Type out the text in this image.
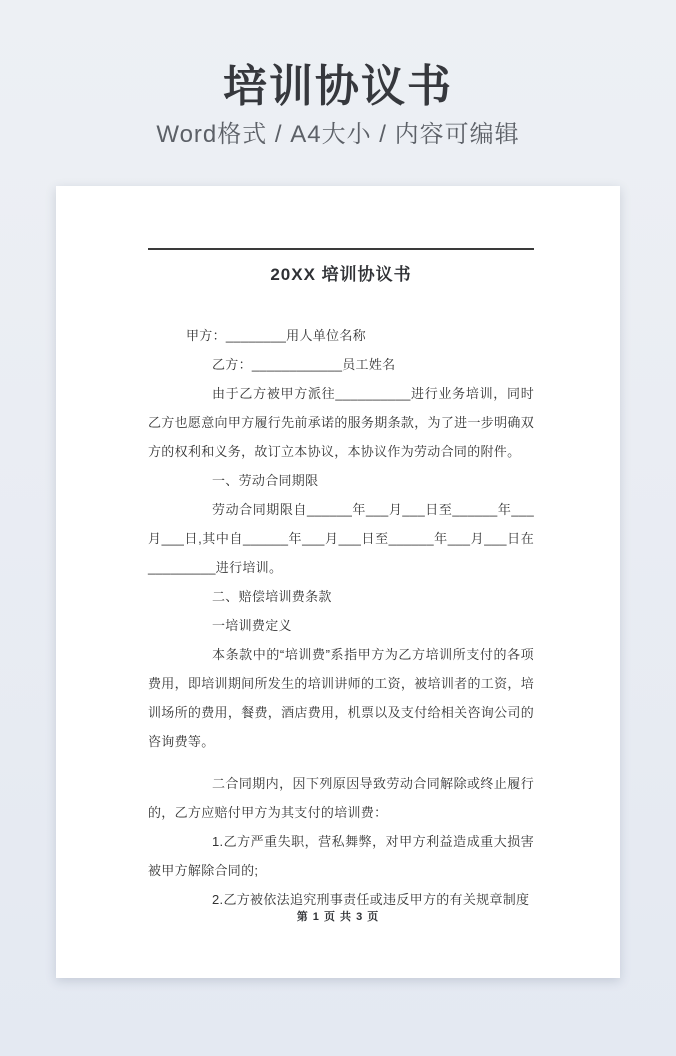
培训协议书
Word格式 / A4大小 / 内容可编辑
20XX 培训协议书

甲方：________用人单位名称

乙方：____________员工姓名

由于乙方被甲方派往__________进行业务培训，同时乙方也愿意向甲方履行先前承诺的服务期条款，为了进一步明确双方的权利和义务，故订立本协议，本协议作为劳动合同的附件。

一、劳动合同期限

劳动合同期限自______年___月___日至______年___月___日,其中自______年___月___日至______年___月___日在_________进行培训。

二、赔偿培训费条款

一培训费定义

本条款中的“培训费”系指甲方为乙方培训所支付的各项费用，即培训期间所发生的培训讲师的工资，被培训者的工资，培训场所的费用，餐费，酒店费用，机票以及支付给相关咨询公司的咨询费等。

二合同期内，因下列原因导致劳动合同解除或终止履行的，乙方应赔付甲方为其支付的培训费：

1.乙方严重失职，营私舞弊，对甲方利益造成重大损害被甲方解除合同的;

2.乙方被依法追究刑事责任或违反甲方的有关规章制度

第 1 页 共 3 页
